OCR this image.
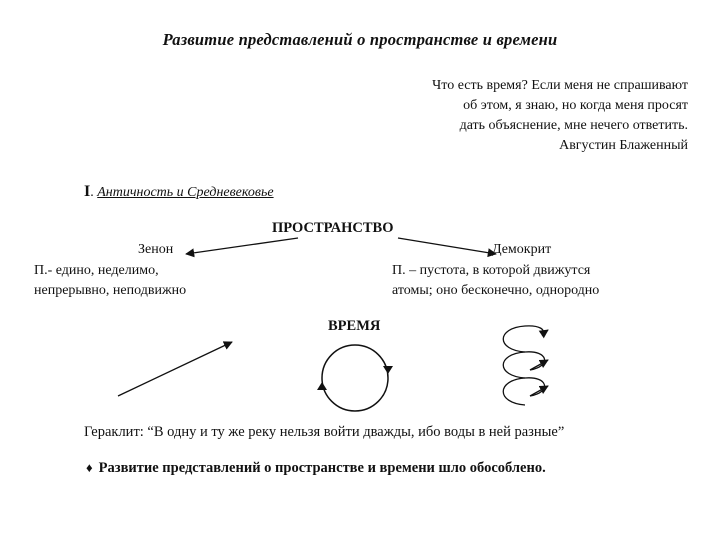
Развитие представлений о пространстве и времени
Что есть время? Если меня не спрашивают
об этом, я знаю, но когда меня просят
дать объяснение, мне нечего ответить.
Августин Блаженный
I. Античность и Средневековье
ПРОСТРАНСТВО
Зенон
П.- едино, неделимо,
непрерывно, неподвижно
Демокрит
П. – пустота, в которой движутся
атомы; оно бесконечно, однородно
ВРЕМЯ
Гераклит: “В одну и ту же реку нельзя войти дважды, ибо воды в ней разные”
♦ Развитие представлений о пространстве и времени шло обособлено.
